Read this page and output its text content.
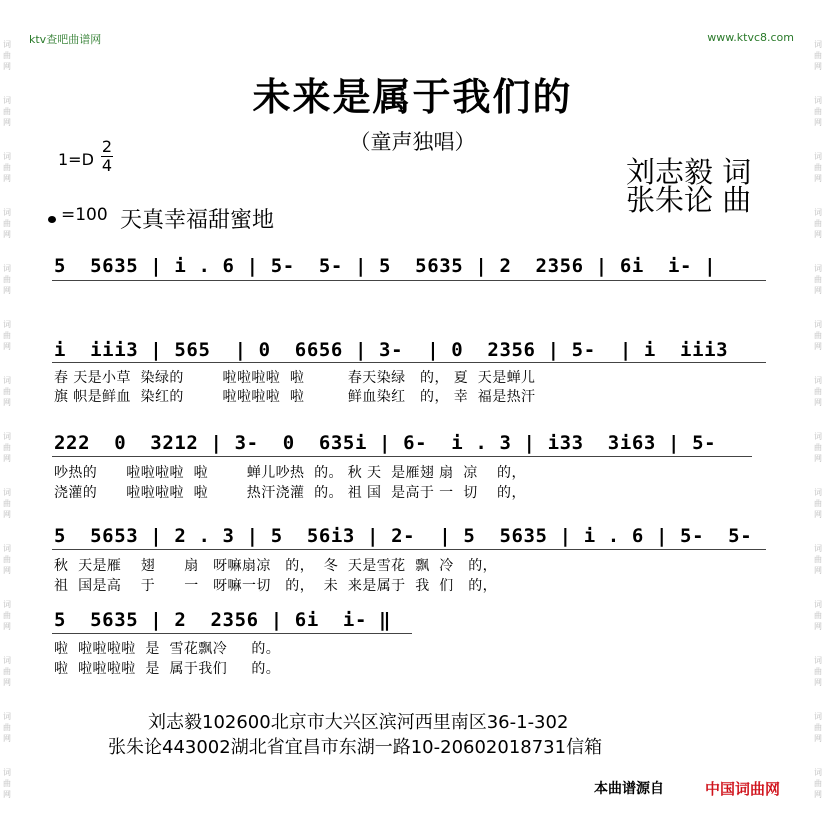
词
曲
网
词
曲
网
词
曲
网
词
曲
网
词
曲
网
词
曲
网
词
曲
网
词
曲
网
词
曲
网
词
曲
网
词
曲
网
词
曲
网
词
曲
网
词
曲
网
词
曲
网
词
曲
网
词
曲
网
词
曲
网
词
曲
网
词
曲
网
词
曲
网
词
曲
网
词
曲
网
词
曲
网
词
曲
网
词
曲
网
词
曲
网
词
曲
网
ktv查吧曲谱网	www.ktvc8.com
未来是属于我们的
（童声独唱）
1=D
2
4	刘志毅 词
张朱论 曲
=100 天真幸福甜蜜地
5  5635 | i . 6 | 5-  5- | 5  5635 | 2  2356 | 6i  i- |
i  iii3 | 565  | 0  6656 | 3-  | 0  2356 | 5-  | i  iii3
春 天是小草  染绿的        啦啦啦啦  啦         春天染绿   的， 夏  天是蝉儿
旗 帜是鲜血  染红的        啦啦啦啦  啦         鲜血染红   的， 幸  福是热汗
222  0  3212 | 3-  0  635i | 6-  i . 3 | i33  3i63 | 5-
吵热的      啦啦啦啦  啦        蝉儿吵热  的。 秋 天  是雁翅 扇  凉    的，
浇灌的      啦啦啦啦  啦        热汗浇灌  的。 祖 国  是高于 一  切    的，
5  5653 | 2 . 3 | 5  56i3 | 2-  | 5  5635 | i . 6 | 5-  5-
秋  天是雁    翅      扇   呀嘛扇凉   的，  冬  天是雪花  飘  冷   的，
祖  国是高    于      一   呀嘛一切   的，  未  来是属于  我  们   的，
5  5635 | 2  2356 | 6i  i- ‖
啦  啦啦啦啦  是  雪花飘冷     的。
啦  啦啦啦啦  是  属于我们     的。
刘志毅102600北京市大兴区滨河西里南区36-1-302
张朱论443002湖北省宜昌市东湖一路10-20602018731信箱
本曲谱源自	中国词曲网
